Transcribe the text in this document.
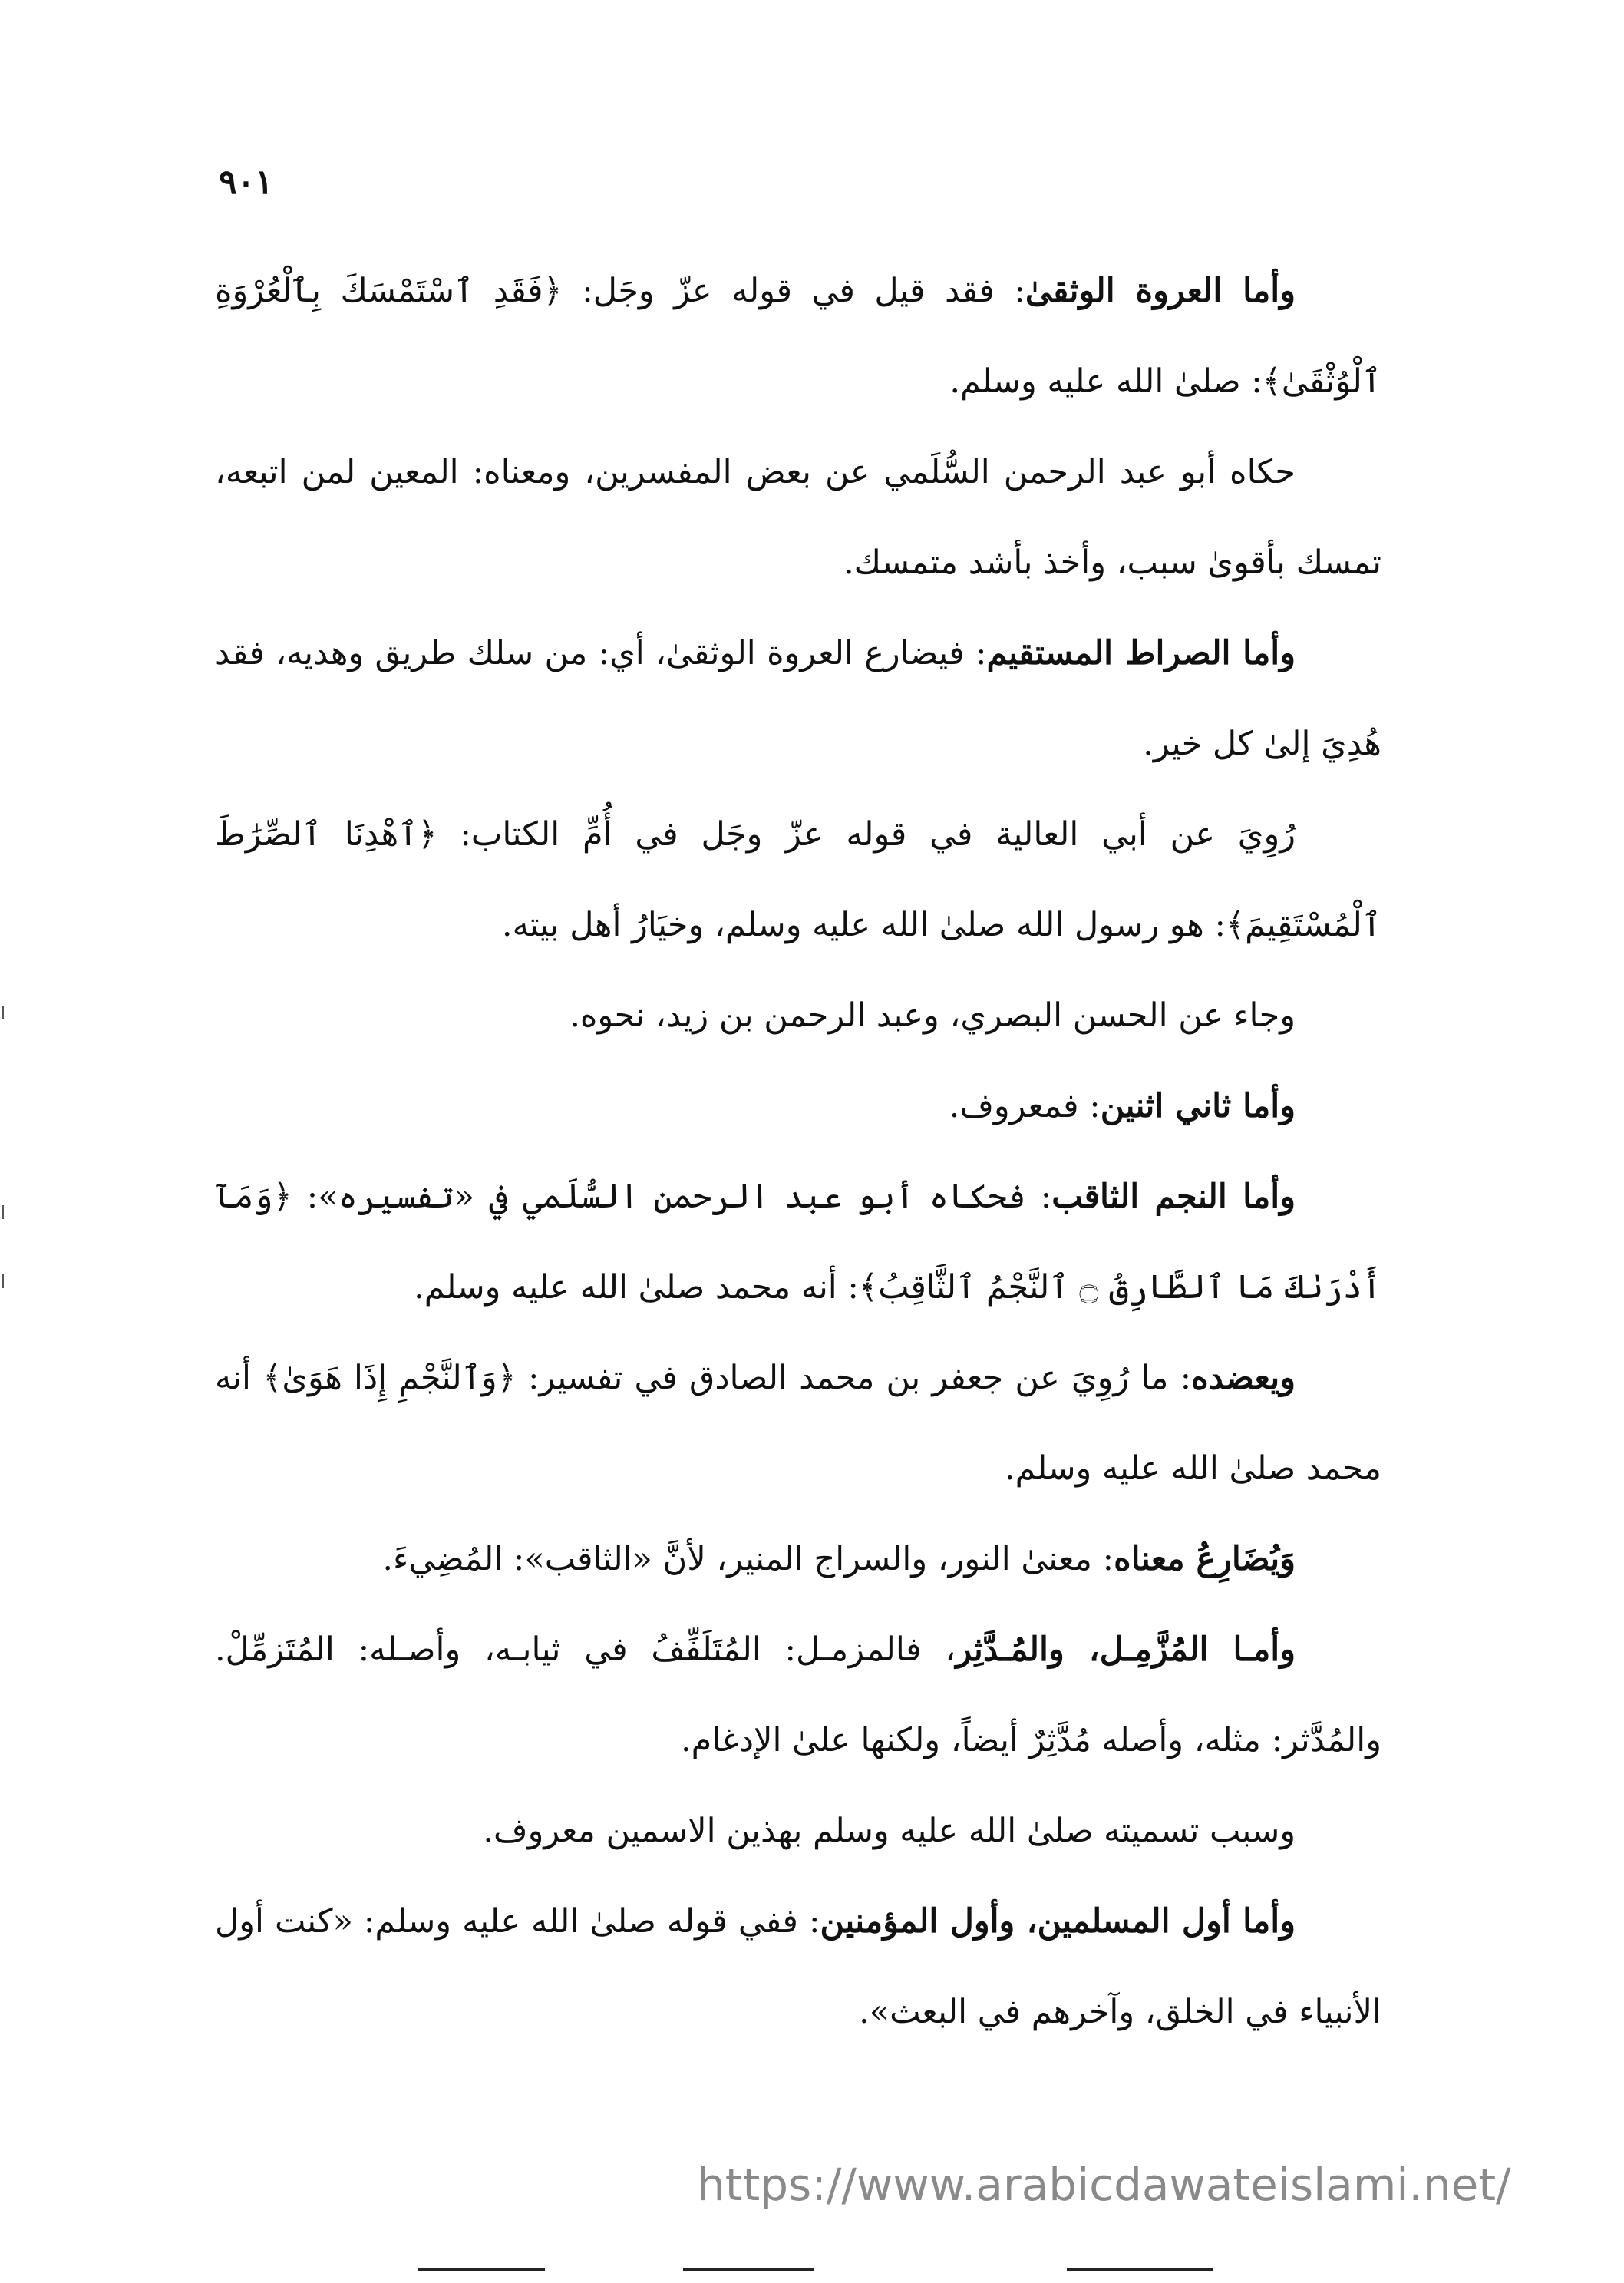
٩٠١

وأما العروة الوثقىٰ: فقد قيل في قوله عزّ وجَل: ﴿فَقَدِ ٱسْتَمْسَكَ بِٱلْعُرْوَةِ ٱلْوُثْقَىٰ﴾: صلىٰ الله عليه وسلم.

حكاه أبو عبد الرحمن السُّلَمي عن بعض المفسرين، ومعناه: المعين لمن اتبعه، تمسك بأقوىٰ سبب، وأخذ بأشد متمسك.

وأما الصراط المستقيم: فيضارع العروة الوثقىٰ، أي: من سلك طريق وهديه، فقد هُدِيَ إلىٰ كل خير.

رُوِيَ عن أبي العالية في قوله عزّ وجَل في أُمِّ الكتاب: ﴿ٱهْدِنَا ٱلصِّرَٰطَ ٱلْمُسْتَقِيمَ﴾: هو رسول الله صلىٰ الله عليه وسلم، وخيَارُ أهل بيته.

وجاء عن الحسن البصري، وعبد الرحمن بن زيد، نحوه.

وأما ثاني اثنين: فمعروف.

وأما النجم الثاقب: فحكاه أبو عبد الرحمن السُّلَمي في «تفسيره»: ﴿وَمَآ أَدْرَىٰكَ مَا ٱلطَّارِقُ ۝ ٱلنَّجْمُ ٱلثَّاقِبُ﴾: أنه محمد صلىٰ الله عليه وسلم.

ويعضده: ما رُوِيَ عن جعفر بن محمد الصادق في تفسير: ﴿وَٱلنَّجْمِ إِذَا هَوَىٰ﴾ أنه محمد صلىٰ الله عليه وسلم.

وَيُضَارِعُ معناه: معنىٰ النور، والسراج المنير، لأنَّ «الثاقب»: المُضِيءَ.

وأمـا المُزَّمِـل، والمُـدَّثِر، فالمزمـل: المُتَلَفِّفُ في ثيابـه، وأصـله: المُتَزمِّلْ. والمُدَّثر: مثله، وأصله مُدَّثِرٌ أيضاً، ولكنها علىٰ الإدغام.

وسبب تسميته صلىٰ الله عليه وسلم بهذين الاسمين معروف.

وأما أول المسلمين، وأول المؤمنين: ففي قوله صلىٰ الله عليه وسلم: «كنت أول الأنبياء في الخلق، وآخرهم في البعث».

https://www.arabicdawateislami.net/
